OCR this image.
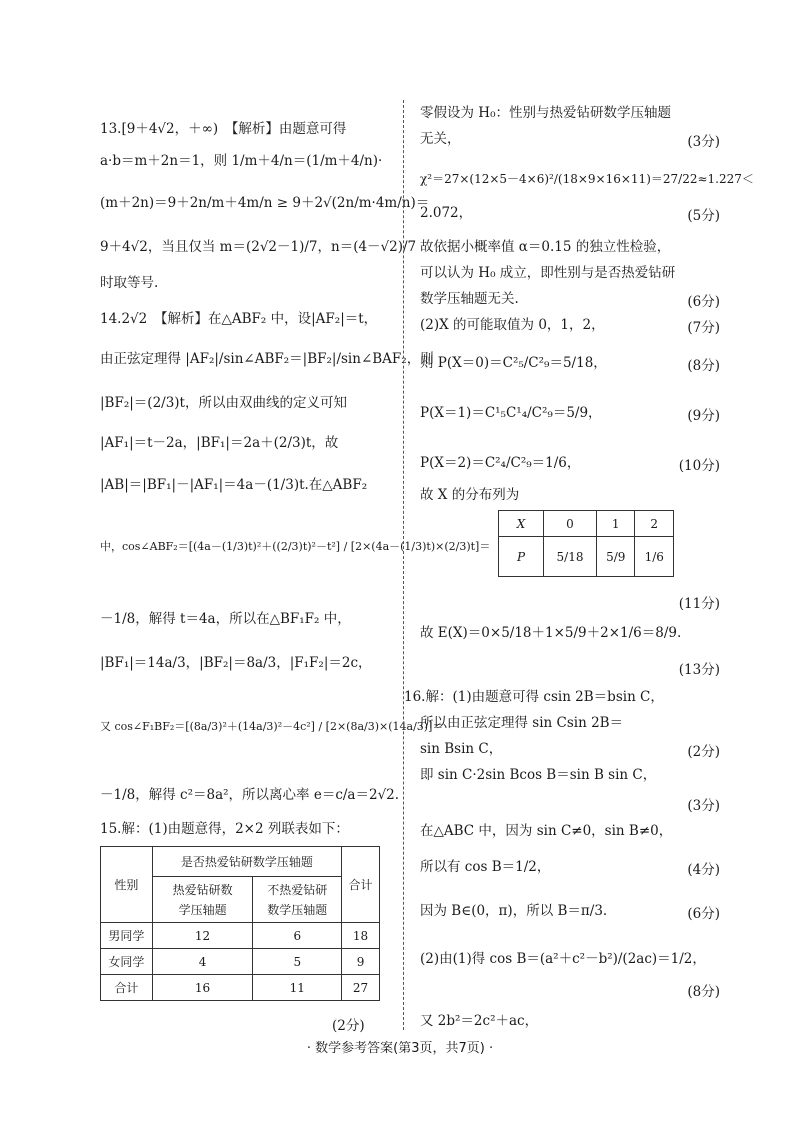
13.[9＋4√2，＋∞)　【解析】由题意可得
a·b＝m＋2n＝1，则 1/m＋4/n＝(1/m＋4/n)·
(m＋2n)＝9＋2n/m＋4m/n ≥ 9＋2√(2n/m·4m/n)＝
9＋4√2，当且仅当 m＝(2√2－1)/7，n＝(4－√2)/7
时取等号.
14.2√2　【解析】在△ABF₂ 中，设|AF₂|＝t，
由正弦定理得 |AF₂|/sin∠ABF₂＝|BF₂|/sin∠BAF₂，则
|BF₂|＝(2/3)t，所以由双曲线的定义可知
|AF₁|＝t－2a，|BF₁|＝2a＋(2/3)t，故
|AB|＝|BF₁|－|AF₁|＝4a－(1/3)t.在△ABF₂
中，cos∠ABF₂＝[(4a－(1/3)t)²＋((2/3)t)²－t²] / [2×(4a－(1/3)t)×(2/3)t]＝
－1/8，解得 t＝4a，所以在△BF₁F₂ 中，
|BF₁|＝14a/3，|BF₂|＝8a/3，|F₁F₂|＝2c，
又 cos∠F₁BF₂＝[(8a/3)²＋(14a/3)²－4c²] / [2×(8a/3)×(14a/3)]＝
－1/8，解得 c²＝8a²，所以离心率 e＝c/a＝2√2.
15.解：(1)由题意得，2×2 列联表如下：
性别	是否热爱钻研数学压轴题		合计
	热爱钻研数学压轴题	不热爱钻研数学压轴题	
男同学	12	6	18
女同学	4	5	9
合计	16	11	27
(2分)
零假设为 H₀：性别与热爱钻研数学压轴题
无关，	(3分)
χ²＝27×(12×5－4×6)²/(18×9×16×11)＝27/22≈1.227＜
2.072，	(5分)
故依据小概率值 α＝0.15 的独立性检验，
可以认为 H₀ 成立，即性别与是否热爱钻研
数学压轴题无关.	(6分)
(2)X 的可能取值为 0，1，2，	(7分)
则 P(X＝0)＝C²₅/C²₉＝5/18，	(8分)
P(X＝1)＝C¹₅C¹₄/C²₉＝5/9，	(9分)
P(X＝2)＝C²₄/C²₉＝1/6，	(10分)
故 X 的分布列为
X	0	1	2
P	5/18	5/9	1/6
(11分)
故 E(X)＝0×5/18＋1×5/9＋2×1/6＝8/9.
(13分)
16.解：(1)由题意可得 csin 2B＝bsin C，
所以由正弦定理得 sin Csin 2B＝
sin Bsin C，	(2分)
即 sin C·2sin Bcos B＝sin B sin C，
(3分)
在△ABC 中，因为 sin C≠0，sin B≠0，
所以有 cos B＝1/2，	(4分)
因为 B∈(0，π)，所以 B＝π/3.	(6分)
(2)由(1)得 cos B＝(a²＋c²－b²)/(2ac)＝1/2，
(8分)
又 2b²＝2c²＋ac，
· 数学参考答案(第3页，共7页) ·
